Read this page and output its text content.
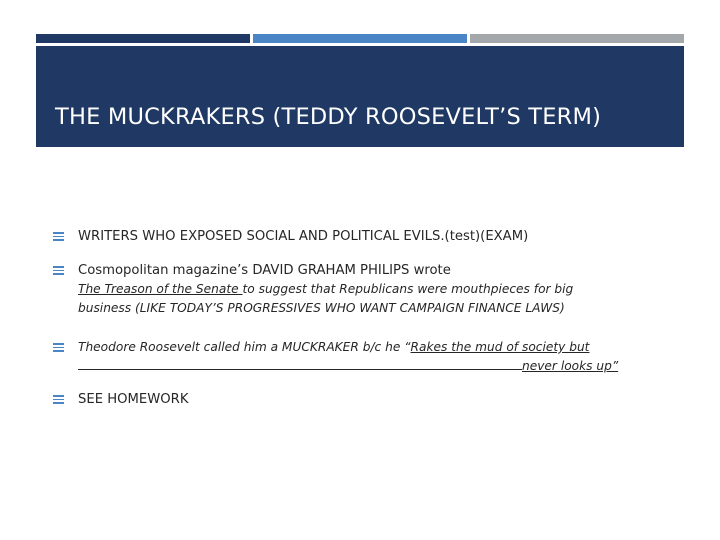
THE MUCKRAKERS (TEDDY ROOSEVELT’S TERM)
WRITERS WHO EXPOSED SOCIAL AND POLITICAL EVILS.(test)(EXAM)
Cosmopolitan magazine’s DAVID GRAHAM PHILIPS wrote
The Treason of the Senate to suggest that Republicans were mouthpieces for big
business (LIKE TODAY’S PROGRESSIVES WHO WANT CAMPAIGN FINANCE LAWS)
Theodore Roosevelt called him a MUCKRAKER b/c he “Rakes the mud of society but
never looks up”
SEE HOMEWORK
